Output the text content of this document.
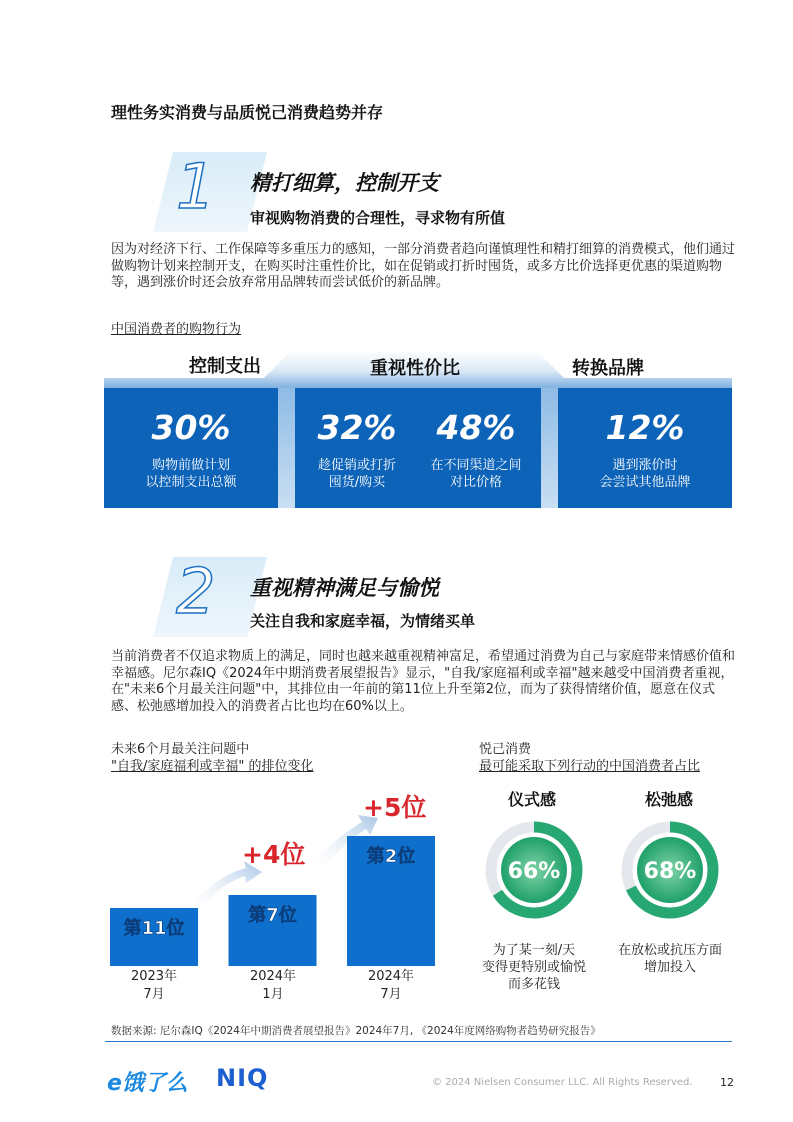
理性务实消费与品质悦己消费趋势并存
1 精打细算，控制开支
审视购物消费的合理性，寻求物有所值
因为对经济下行、工作保障等多重压力的感知，一部分消费者趋向谨慎理性和精打细算的消费模式，他们通过做购物计划来控制开支，在购买时注重性价比，如在促销或打折时囤货，或多方比价选择更优惠的渠道购物等，遇到涨价时还会放弃常用品牌转而尝试低价的新品牌。
中国消费者的购物行为
控制支出	重视性价比	转换品牌
30%
购物前做计划
以控制支出总额
32%
趁促销或打折
囤货/购买
48%
在不同渠道之间
对比价格
12%
遇到涨价时
会尝试其他品牌
2 重视精神满足与愉悦
关注自我和家庭幸福，为情绪买单
当前消费者不仅追求物质上的满足，同时也越来越重视精神富足，希望通过消费为自己与家庭带来情感价值和幸福感。尼尔森IQ《2024年中期消费者展望报告》显示，"自我/家庭福利或幸福"越来越受中国消费者重视，在"未来6个月最关注问题"中，其排位由一年前的第11位上升至第2位，而为了获得情绪价值，愿意在仪式感、松弛感增加投入的消费者占比也均在60%以上。
未来6个月最关注问题中
"自我/家庭福利或幸福" 的排位变化
悦己消费
最可能采取下列行动的中国消费者占比
第11位
第7位
第2位
+4位
+5位
2023年
7月
2024年
1月
2024年
7月
仪式感	松弛感
66%	68%
为了某一刻/天
变得更特别或愉悦
而多花钱
在放松或抗压方面
增加投入
数据来源: 尼尔森IQ《2024年中期消费者展望报告》2024年7月, 《2024年度网络购物者趋势研究报告》
e饿了么 NIQ	© 2024 Nielsen Consumer LLC. All Rights Reserved. 12
